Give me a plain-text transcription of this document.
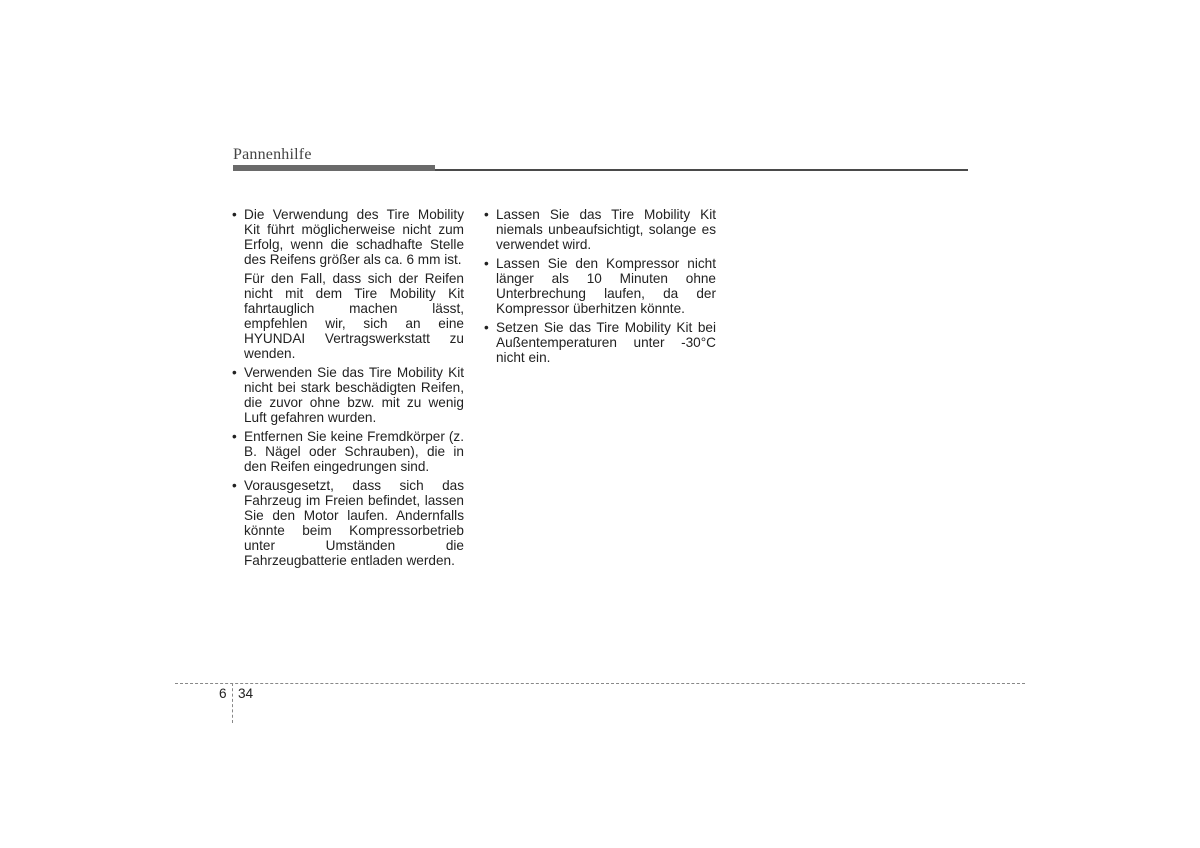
Pannenhilfe
• Die Verwendung des Tire Mobility Kit führt möglicherweise nicht zum Erfolg, wenn die schadhafte Stelle des Reifens größer als ca. 6 mm ist.
Für den Fall, dass sich der Reifen nicht mit dem Tire Mobility Kit fahrtauglich machen lässt, empfehlen wir, sich an eine HYUNDAI Vertragswerkstatt zu wenden.
• Verwenden Sie das Tire Mobility Kit nicht bei stark beschädigten Reifen, die zuvor ohne bzw. mit zu wenig Luft gefahren wurden.
• Entfernen Sie keine Fremdkörper (z. B. Nägel oder Schrauben), die in den Reifen eingedrungen sind.
• Vorausgesetzt, dass sich das Fahrzeug im Freien befindet, lassen Sie den Motor laufen. Andernfalls könnte beim Kompressorbetrieb unter Umständen die Fahrzeugbatterie entladen werden.
• Lassen Sie das Tire Mobility Kit niemals unbeaufsichtigt, solange es verwendet wird.
• Lassen Sie den Kompressor nicht länger als 10 Minuten ohne Unterbrechung laufen, da der Kompressor überhitzen könnte.
• Setzen Sie das Tire Mobility Kit bei Außentemperaturen unter -30°C nicht ein.
6 34
